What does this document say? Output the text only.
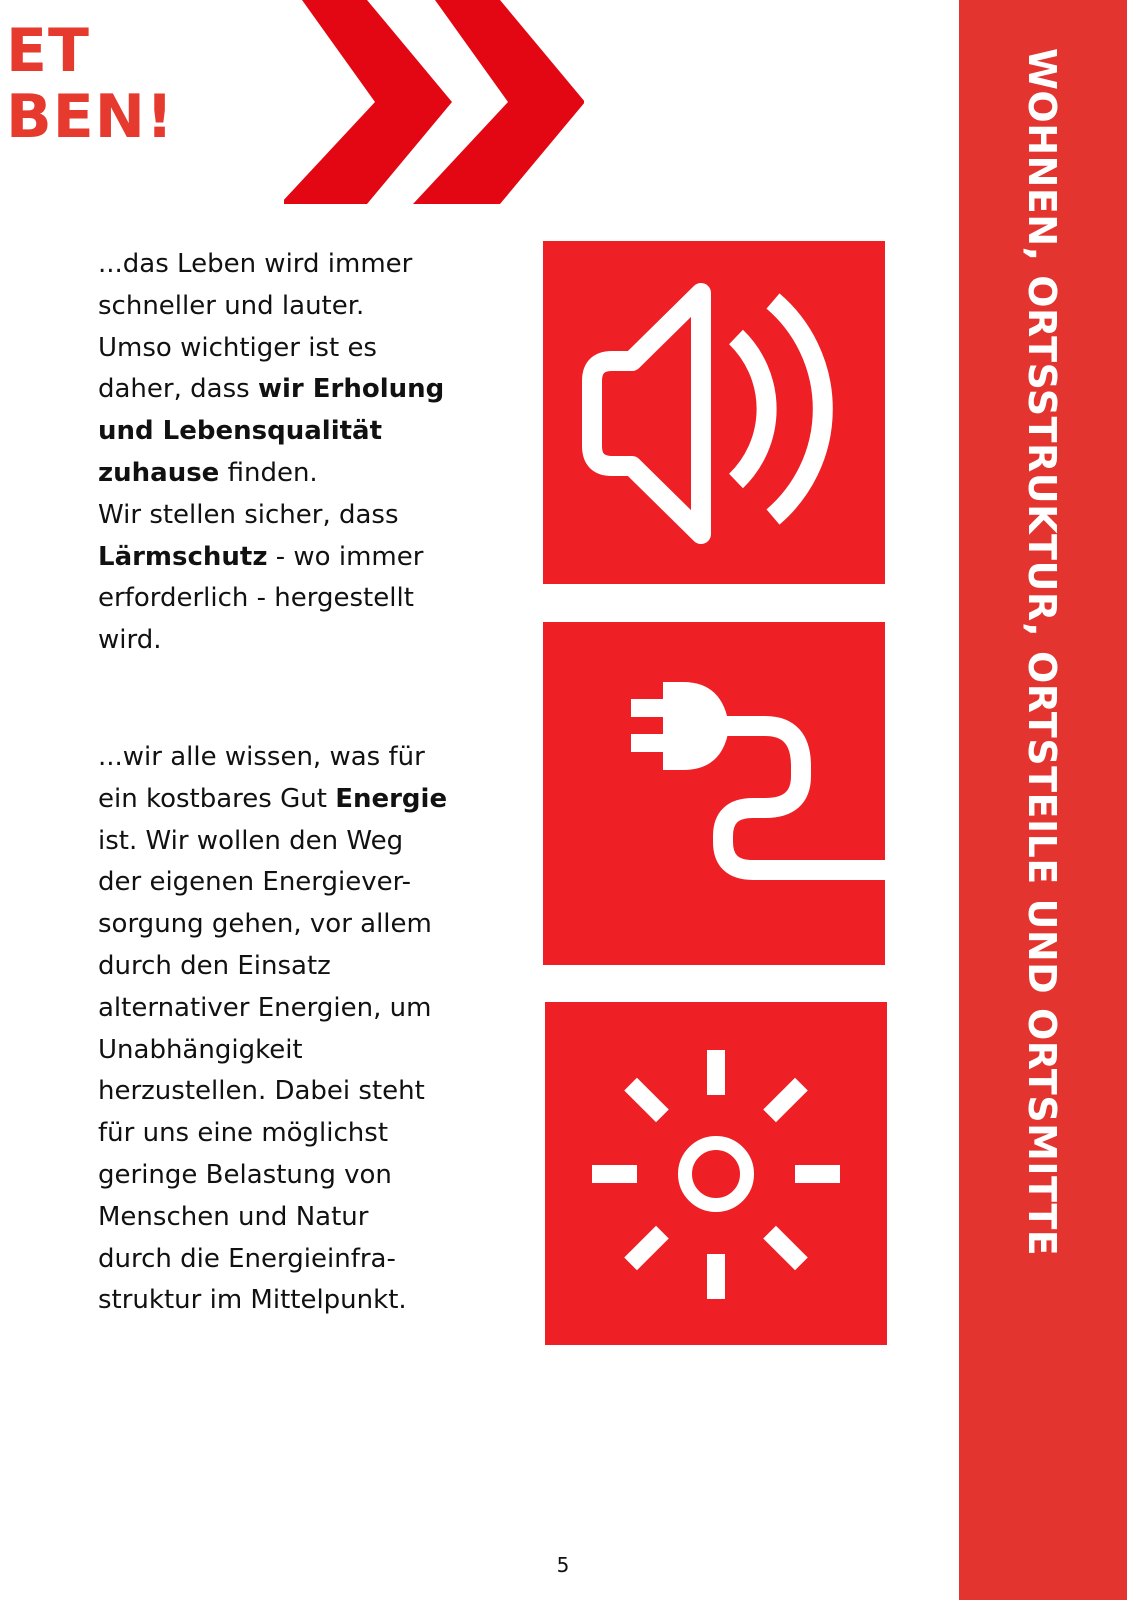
ET
BEN!

...das Leben wird immer
schneller und lauter.
Umso wichtiger ist es
daher, dass wir Erholung
und Lebensqualität
zuhause finden.
Wir stellen sicher, dass
Lärmschutz - wo immer
erforderlich - hergestellt
wird.

...wir alle wissen, was für
ein kostbares Gut Energie
ist. Wir wollen den Weg
der eigenen Energiever-
sorgung gehen, vor allem
durch den Einsatz
alternativer Energien, um
Unabhängigkeit
herzustellen. Dabei steht
für uns eine möglichst
geringe Belastung von
Menschen und Natur
durch die Energieinfra-
struktur im Mittelpunkt.

WOHNEN, ORTSSTRUKTUR, ORTSTEILE UND ORTSMITTE
5
